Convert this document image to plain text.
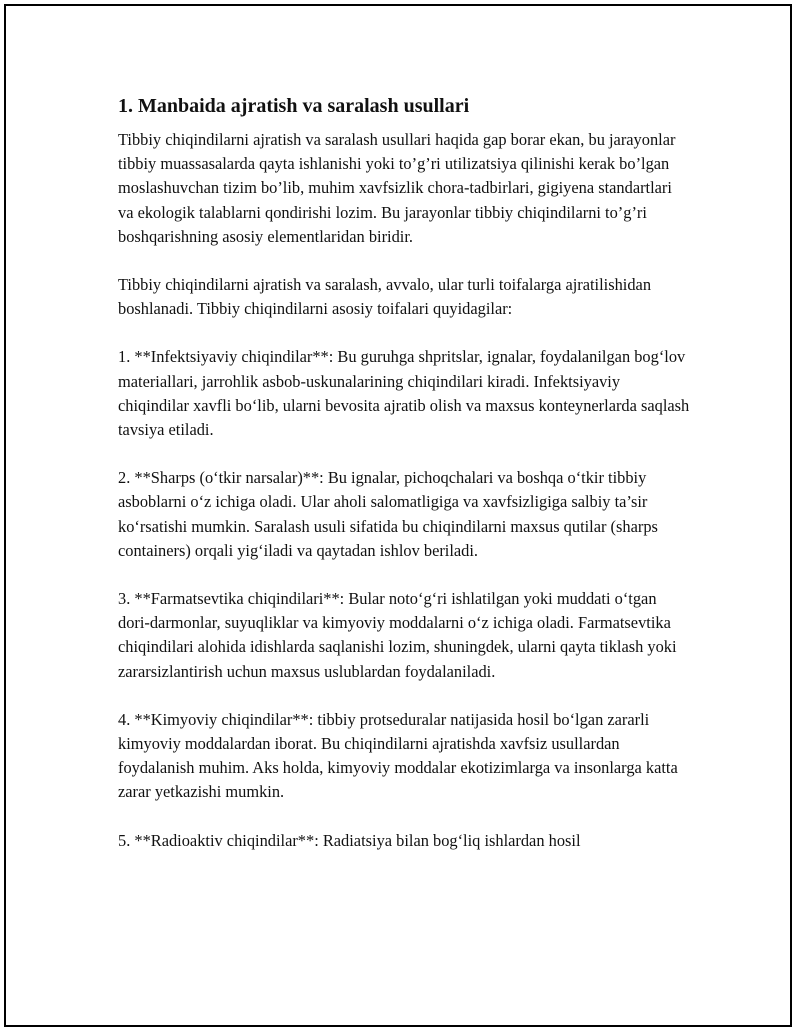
1. Manbaida ajratish va saralash usullari

Tibbiy chiqindilarni ajratish va saralash usullari haqida gap borar ekan, bu jarayonlar tibbiy muassasalarda qayta ishlanishi yoki to’g’ri utilizatsiya qilinishi kerak bo’lgan moslashuvchan tizim bo’lib, muhim xavfsizlik chora-tadbirlari, gigiyena standartlari va ekologik talablarni qondirishi lozim. Bu jarayonlar tibbiy chiqindilarni to’g’ri boshqarishning asosiy elementlaridan biridir.

Tibbiy chiqindilarni ajratish va saralash, avvalo, ular turli toifalarga ajratilishidan boshlanadi. Tibbiy chiqindilarni asosiy toifalari quyidagilar:

1. **Infektsiyaviy chiqindilar**: Bu guruhga shpritslar, ignalar, foydalanilgan bog‘lov materiallari, jarrohlik asbob-uskunalarining chiqindilari kiradi. Infektsiyaviy chiqindilar xavfli bo‘lib, ularni bevosita ajratib olish va maxsus konteynerlarda saqlash tavsiya etiladi.

2. **Sharps (o‘tkir narsalar)**: Bu ignalar, pichoqchalari va boshqa o‘tkir tibbiy asboblarni o‘z ichiga oladi. Ular aholi salomatligiga va xavfsizligiga salbiy ta’sir ko‘rsatishi mumkin. Saralash usuli sifatida bu chiqindilarni maxsus qutilar (sharps containers) orqali yig‘iladi va qaytadan ishlov beriladi.

3. **Farmatsevtika chiqindilari**: Bular noto‘g‘ri ishlatilgan yoki muddati o‘tgan dori-darmonlar, suyuqliklar va kimyoviy moddalarni o‘z ichiga oladi. Farmatsevtika chiqindilari alohida idishlarda saqlanishi lozim, shuningdek, ularni qayta tiklash yoki zararsizlantirish uchun maxsus uslublardan foydalaniladi.

4. **Kimyoviy chiqindilar**: tibbiy protseduralar natijasida hosil bo‘lgan zararli kimyoviy moddalardan iborat. Bu chiqindilarni ajratishda xavfsiz usullardan foydalanish muhim. Aks holda, kimyoviy moddalar ekotizimlarga va insonlarga katta zarar yetkazishi mumkin.

5. **Radioaktiv chiqindilar**: Radiatsiya bilan bog‘liq ishlardan hosil
